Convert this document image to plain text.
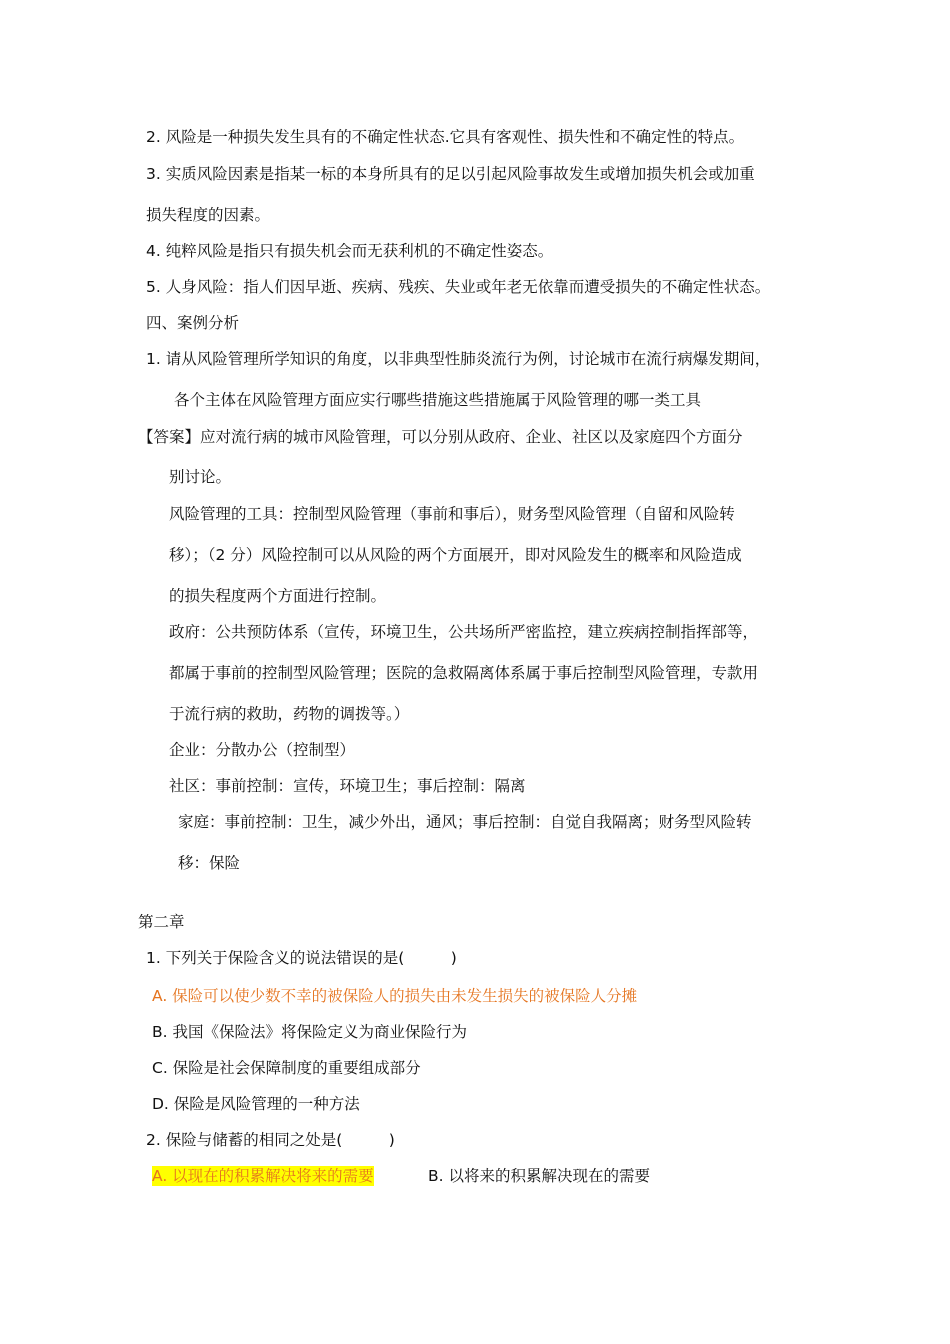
2. 风险是一种损失发生具有的不确定性状态.它具有客观性、损失性和不确定性的特点。
3. 实质风险因素是指某一标的本身所具有的足以引起风险事故发生或增加损失机会或加重
损失程度的因素。
4. 纯粹风险是指只有损失机会而无获利机的不确定性姿态。
5. 人身风险：指人们因早逝、疾病、残疾、失业或年老无依靠而遭受损失的不确定性状态。
四、案例分析
1. 请从风险管理所学知识的角度，以非典型性肺炎流行为例，讨论城市在流行病爆发期间，
各个主体在风险管理方面应实行哪些措施这些措施属于风险管理的哪一类工具
【答案】应对流行病的城市风险管理，可以分别从政府、企业、社区以及家庭四个方面分
别讨论。
风险管理的工具：控制型风险管理（事前和事后），财务型风险管理（自留和风险转
移）；（2 分）风险控制可以从风险的两个方面展开，即对风险发生的概率和风险造成
的损失程度两个方面进行控制。
政府：公共预防体系（宣传，环境卫生，公共场所严密监控，建立疾病控制指挥部等，
都属于事前的控制型风险管理；医院的急救隔离体系属于事后控制型风险管理，专款用
于流行病的救助，药物的调拨等。）
企业：分散办公（控制型）
社区：事前控制：宣传，环境卫生；事后控制：隔离
家庭：事前控制：卫生，减少外出，通风；事后控制：自觉自我隔离；财务型风险转
移：保险
第二章
1. 下列关于保险含义的说法错误的是(　　　)
A. 保险可以使少数不幸的被保险人的损失由未发生损失的被保险人分摊
B. 我国《保险法》将保险定义为商业保险行为
C. 保险是社会保障制度的重要组成部分
D. 保险是风险管理的一种方法
2. 保险与储蓄的相同之处是(　　　)
A. 以现在的积累解决将来的需要	B. 以将来的积累解决现在的需要
